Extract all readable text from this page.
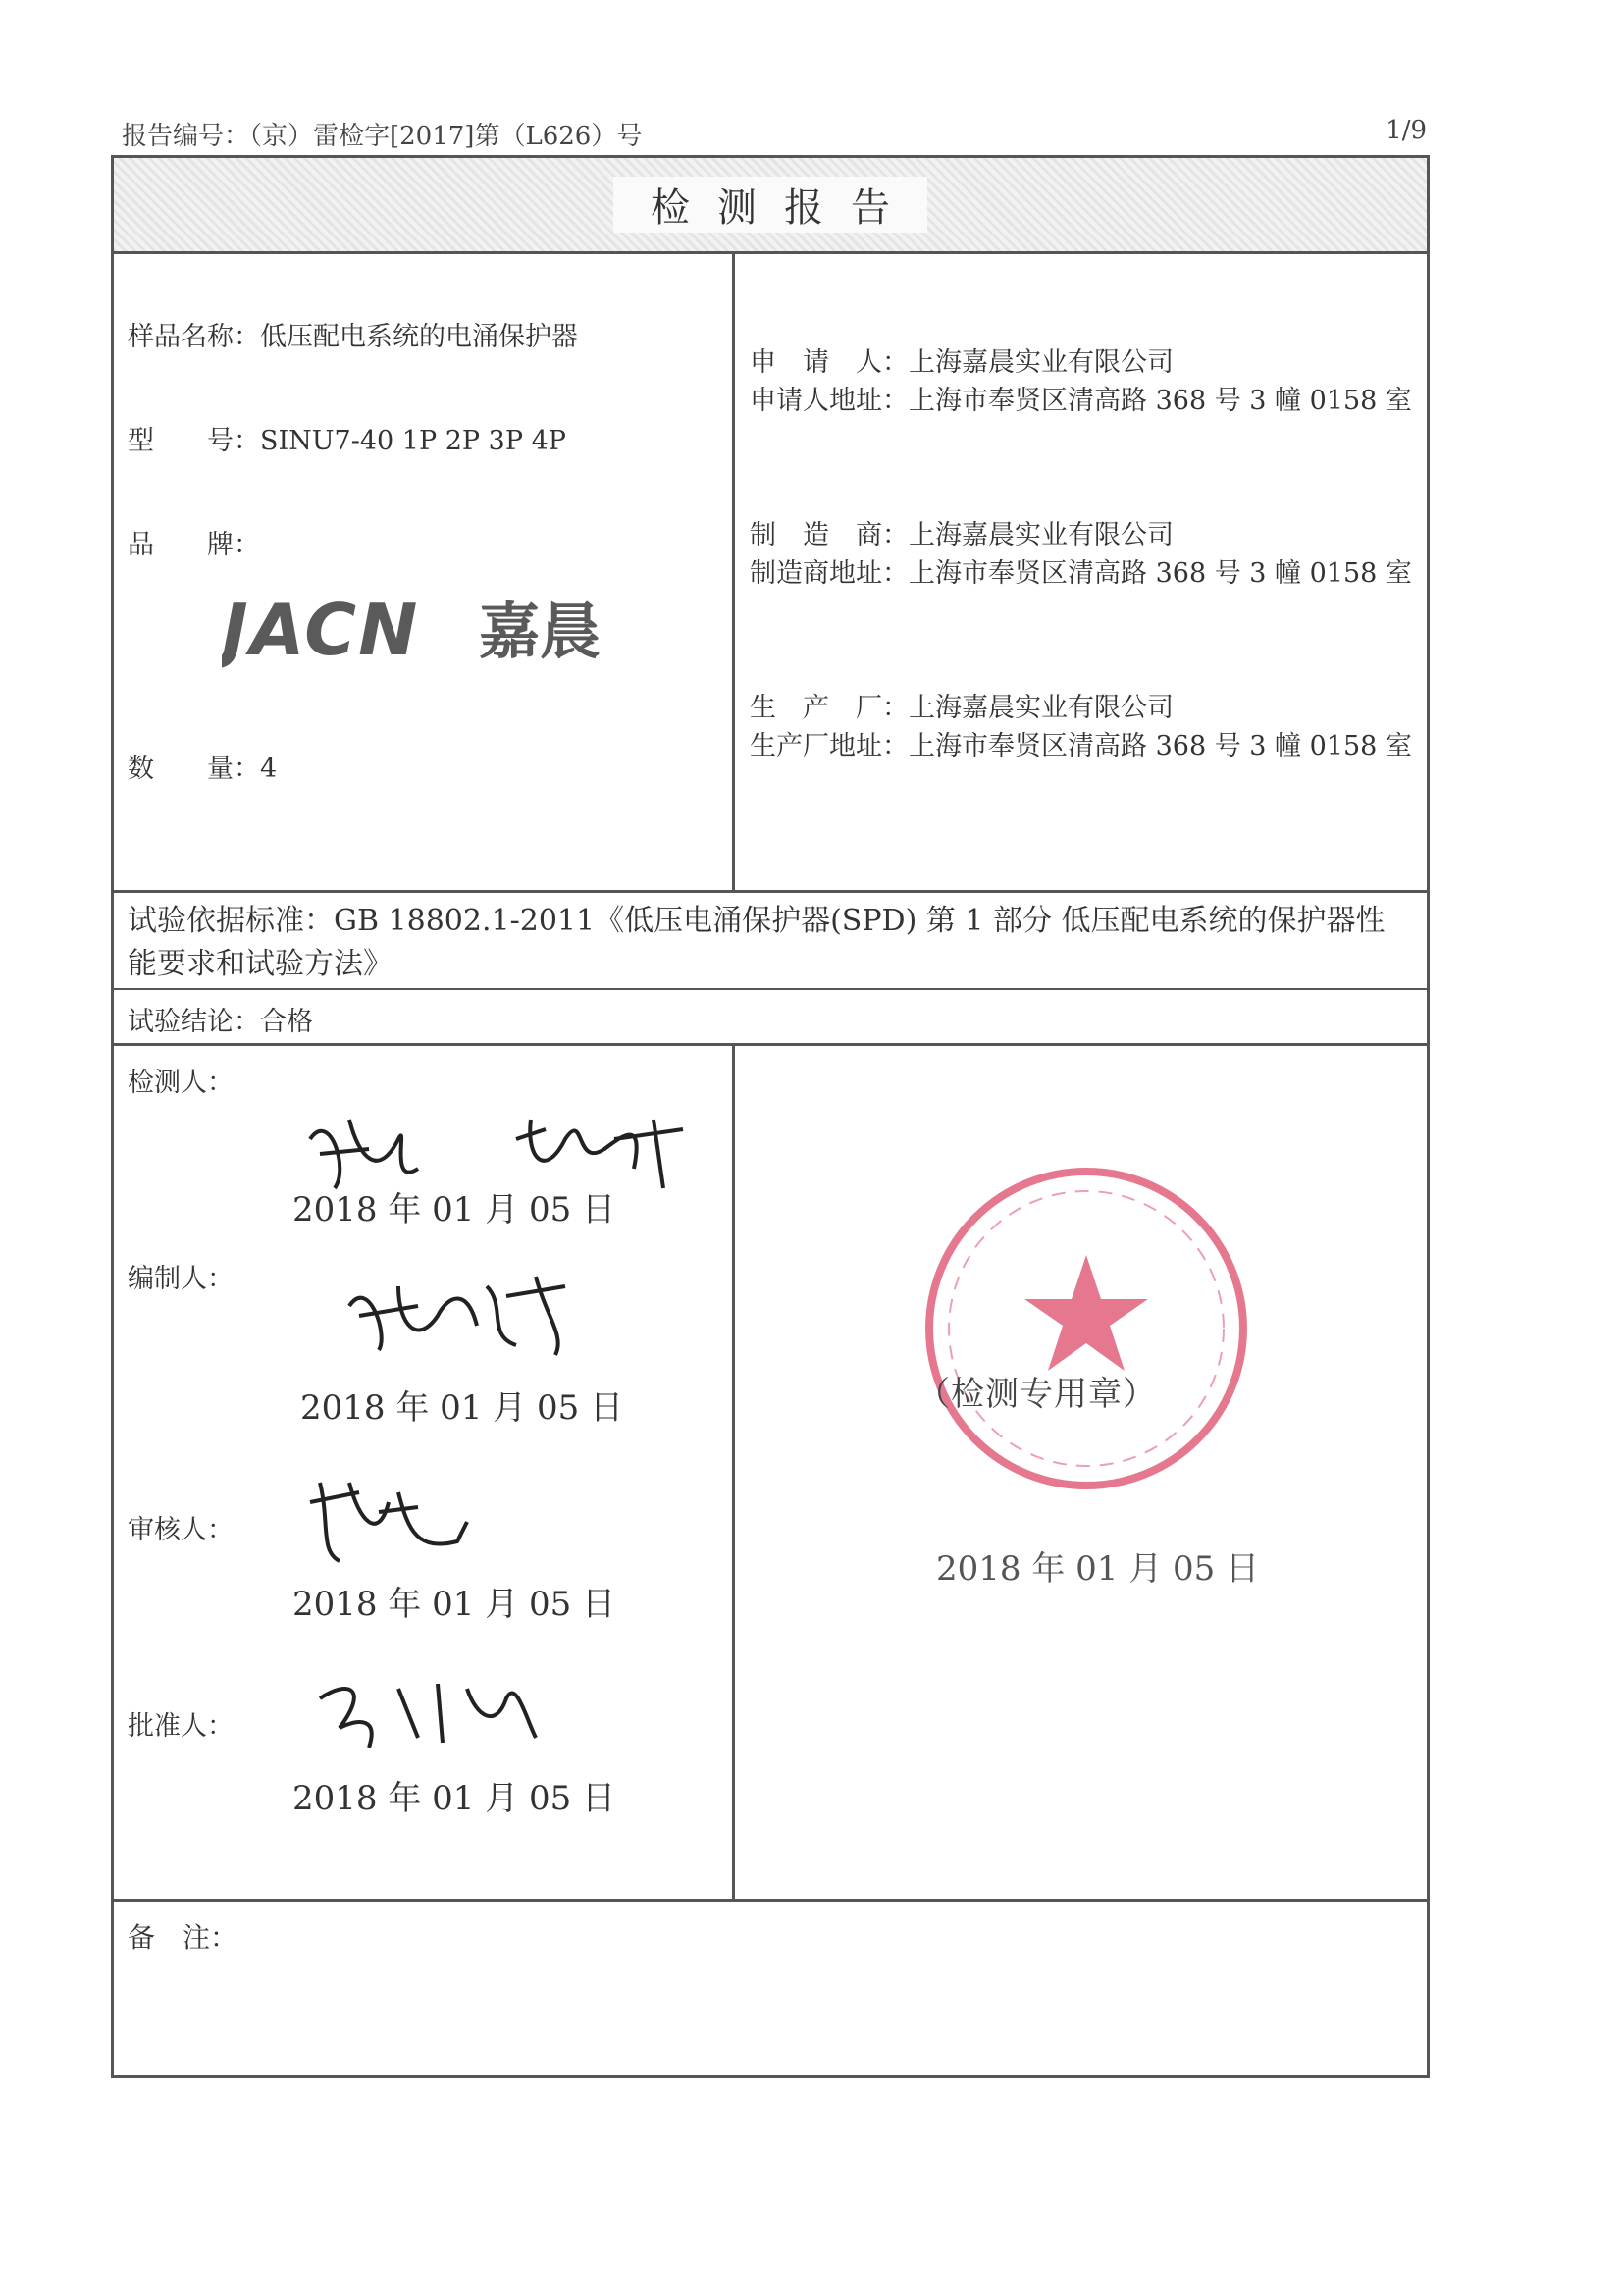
报告编号：（京）雷检字[2017]第（L626）号	1/9
检测报告
样品名称：低压配电系统的电涌保护器
型　　号：SINU7-40 1P 2P 3P 4P
品　　牌：
JACN 嘉晨
数　　量：4
申　请　人：上海嘉晨实业有限公司
申请人地址：上海市奉贤区清高路 368 号 3 幢 0158 室
制　造　商：上海嘉晨实业有限公司
制造商地址：上海市奉贤区清高路 368 号 3 幢 0158 室
生　产　厂：上海嘉晨实业有限公司
生产厂地址：上海市奉贤区清高路 368 号 3 幢 0158 室
试验依据标准：GB 18802.1-2011《低压电涌保护器(SPD) 第 1 部分 低压配电系统的保护器性能要求和试验方法》
试验结论：合格
检测人：
2018 年 01 月 05 日
编制人：
2018 年 01 月 05 日
审核人：
2018 年 01 月 05 日
批准人：
2018 年 01 月 05 日
（检测专用章）
2018 年 01 月 05 日
备　注：
